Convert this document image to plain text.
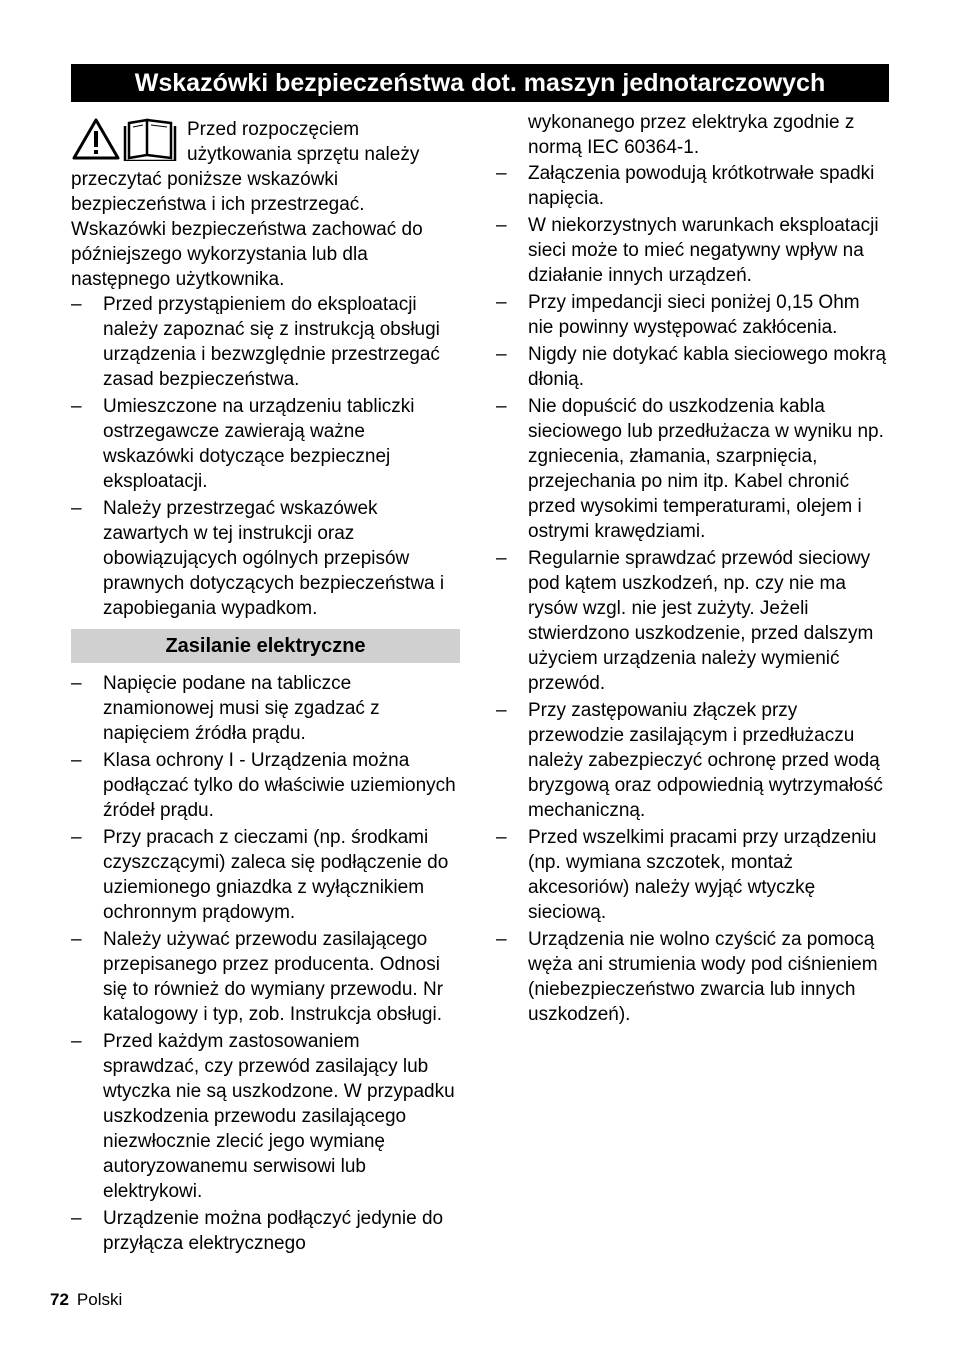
Wskazówki bezpieczeństwa dot. maszyn jednotarczowych

Przed rozpoczęciem użytkowania sprzętu należy przeczytać poniższe wskazówki bezpieczeństwa i ich przestrzegać. Wskazówki bezpieczeństwa zachować do późniejszego wykorzystania lub dla następnego użytkownika.

–	Przed przystąpieniem do eksploatacji należy zapoznać się z instrukcją obsługi urządzenia i bezwzględnie przestrzegać zasad bezpieczeństwa.
–	Umieszczone na urządzeniu tabliczki ostrzegawcze zawierają ważne wskazówki dotyczące bezpiecznej eksploatacji.
–	Należy przestrzegać wskazówek zawartych w tej instrukcji oraz obowiązujących ogólnych przepisów prawnych dotyczących bezpieczeństwa i zapobiegania wypadkom.
Zasilanie elektryczne
–	Napięcie podane na tabliczce znamionowej musi się zgadzać z napięciem źródła prądu.
–	Klasa ochrony I - Urządzenia można podłączać tylko do właściwie uziemionych źródeł prądu.
–	Przy pracach z cieczami (np. środkami czyszczącymi) zaleca się podłączenie do uziemionego gniazdka z wyłącznikiem ochronnym prądowym.
–	Należy używać przewodu zasilającego przepisanego przez producenta. Odnosi się to również do wymiany przewodu. Nr katalogowy i typ, zob. Instrukcja obsługi.
–	Przed każdym zastosowaniem sprawdzać, czy przewód zasilający lub wtyczka nie są uszkodzone. W przypadku uszkodzenia przewodu zasilającego niezwłocznie zlecić jego wymianę autoryzowanemu serwisowi lub elektrykowi.
–	Urządzenie można podłączyć jedynie do przyłącza elektrycznego

wykonanego przez elektryka zgodnie z normą IEC 60364-1.

–	Załączenia powodują krótkotrwałe spadki napięcia.
–	W niekorzystnych warunkach eksploatacji sieci może to mieć negatywny wpływ na działanie innych urządzeń.
–	Przy impedancji sieci poniżej 0,15 Ohm nie powinny występować zakłócenia.
–	Nigdy nie dotykać kabla sieciowego mokrą dłonią.
–	Nie dopuścić do uszkodzenia kabla sieciowego lub przedłużacza w wyniku np. zgniecenia, złamania, szarpnięcia, przejechania po nim itp. Kabel chronić przed wysokimi temperaturami, olejem i ostrymi krawędziami.
–	Regularnie sprawdzać przewód sieciowy pod kątem uszkodzeń, np. czy nie ma rysów wzgl. nie jest zużyty. Jeżeli stwierdzono uszkodzenie, przed dalszym użyciem urządzenia należy wymienić przewód.
–	Przy zastępowaniu złączek przy przewodzie zasilającym i przedłużaczu należy zabezpieczyć ochronę przed wodą bryzgową oraz odpowiednią wytrzymałość mechaniczną.
–	Przed wszelkimi pracami przy urządzeniu (np. wymiana szczotek, montaż akcesoriów) należy wyjąć wtyczkę sieciową.
–	Urządzenia nie wolno czyścić za pomocą węża ani strumienia wody pod ciśnieniem (niebezpieczeństwo zwarcia lub innych uszkodzeń).
72 Polski
